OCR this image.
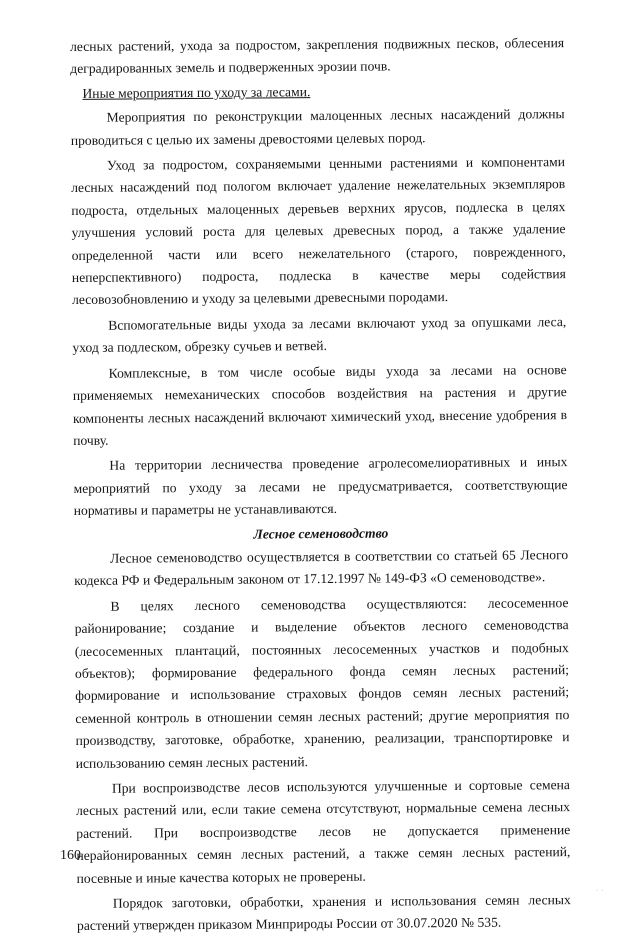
лесных растений, ухода за подростом, закрепления подвижных песков, облесения деградированных земель и подверженных эрозии почв.

Иные мероприятия по уходу за лесами.

Мероприятия по реконструкции малоценных лесных насаждений должны проводиться с целью их замены древостоями целевых пород.

Уход за подростом, сохраняемыми ценными растениями и компонентами лесных насаждений под пологом включает удаление нежелательных экземпляров подроста, отдельных малоценных деревьев верхних ярусов, подлеска в целях улучшения условий роста для целевых древесных пород, а также удаление определенной части или всего нежелательного (старого, поврежденного, неперспективного) подроста, подлеска в качестве меры содействия лесовозобновлению и уходу за целевыми древесными породами.

Вспомогательные виды ухода за лесами включают уход за опушками леса, уход за подлеском, обрезку сучьев и ветвей.

Комплексные, в том числе особые виды ухода за лесами на основе применяемых немеханических способов воздействия на растения и другие компоненты лесных насаждений включают химический уход, внесение удобрения в почву.

На территории лесничества проведение агролесомелиоративных и иных мероприятий по уходу за лесами не предусматривается, соответствующие нормативы и параметры не устанавливаются.

Лесное семеноводство

Лесное семеноводство осуществляется в соответствии со статьей 65 Лесного кодекса РФ и Федеральным законом от 17.12.1997 № 149-ФЗ «О семеноводстве».

В целях лесного семеноводства осуществляются: лесосеменное районирование; создание и выделение объектов лесного семеноводства (лесосеменных плантаций, постоянных лесосеменных участков и подобных объектов); формирование федерального фонда семян лесных растений; формирование и использование страховых фондов семян лесных растений; семенной контроль в отношении семян лесных растений; другие мероприятия по производству, заготовке, обработке, хранению, реализации, транспортировке и использованию семян лесных растений.

При воспроизводстве лесов используются улучшенные и сортовые семена лесных растений или, если такие семена отсутствуют, нормальные семена лесных растений. При воспроизводстве лесов не допускается применение нерайонированных семян лесных растений, а также семян лесных растений, посевные и иные качества которых не проверены.

Порядок заготовки, обработки, хранения и использования семян лесных растений утвержден приказом Минприроды России от 30.07.2020 № 535.

160
· ·
